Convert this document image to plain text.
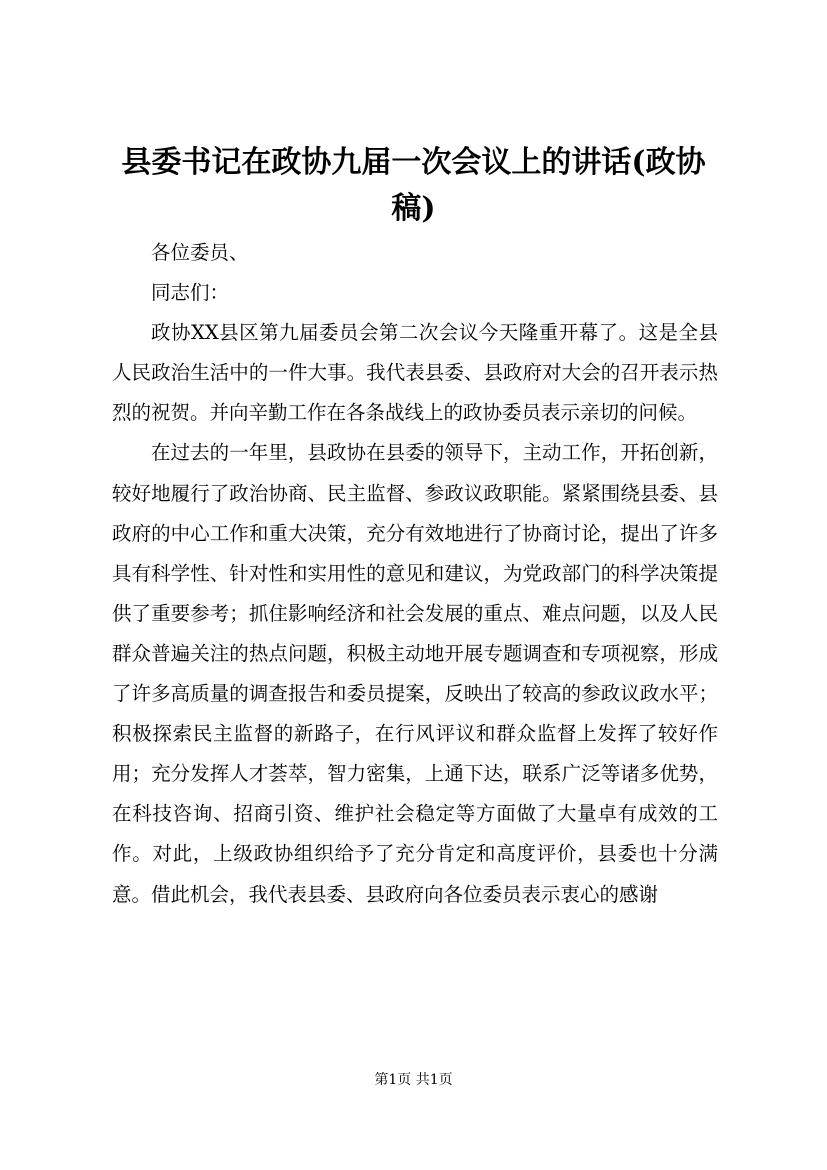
县委书记在政协九届一次会议上的讲话(政协稿)

各位委员、

同志们：

政协XX县区第九届委员会第二次会议今天隆重开幕了。这是全县人民政治生活中的一件大事。我代表县委、县政府对大会的召开表示热烈的祝贺。并向辛勤工作在各条战线上的政协委员表示亲切的问候。

在过去的一年里，县政协在县委的领导下，主动工作，开拓创新，较好地履行了政治协商、民主监督、参政议政职能。紧紧围绕县委、县政府的中心工作和重大决策，充分有效地进行了协商讨论，提出了许多具有科学性、针对性和实用性的意见和建议，为党政部门的科学决策提供了重要参考；抓住影响经济和社会发展的重点、难点问题，以及人民群众普遍关注的热点问题，积极主动地开展专题调查和专项视察，形成了许多高质量的调查报告和委员提案，反映出了较高的参政议政水平；积极探索民主监督的新路子，在行风评议和群众监督上发挥了较好作用；充分发挥人才荟萃，智力密集，上通下达，联系广泛等诸多优势，在科技咨询、招商引资、维护社会稳定等方面做了大量卓有成效的工作。对此，上级政协组织给予了充分肯定和高度评价，县委也十分满意。借此机会，我代表县委、县政府向各位委员表示衷心的感谢

第1页 共1页
